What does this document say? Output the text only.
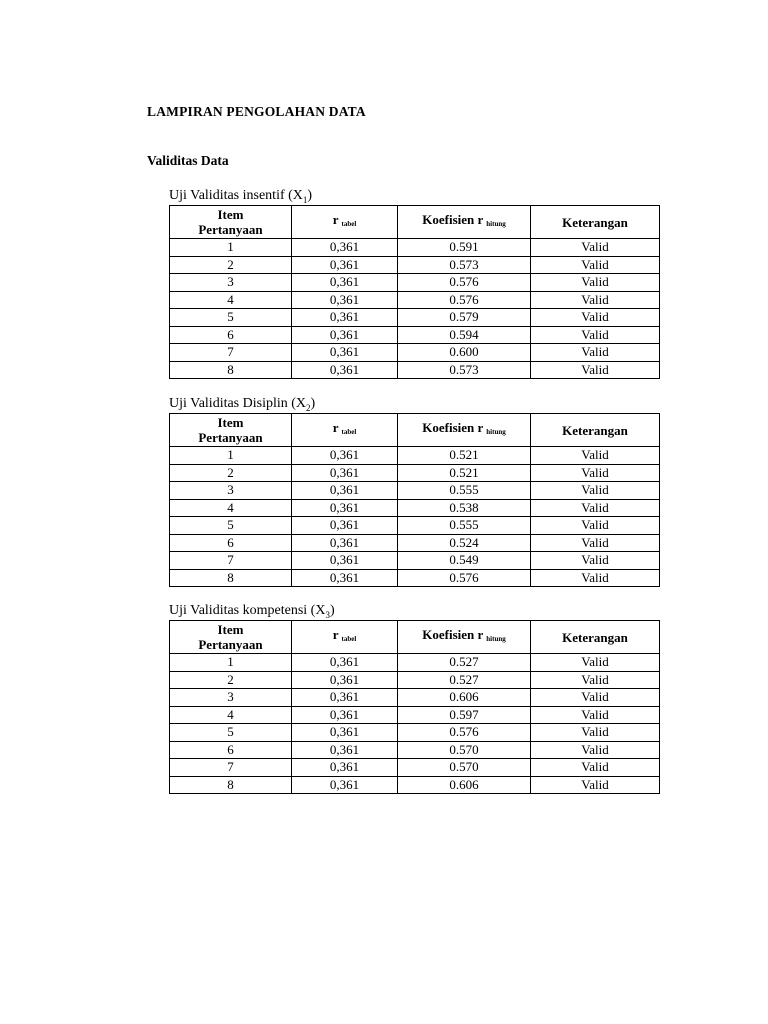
LAMPIRAN PENGOLAHAN DATA
Validitas Data
Uji Validitas insentif $(X_1)$
Item
Pertanyaan	r $_{tabel}$	Koefisien r $_{hitung}$	Keterangan
1	0,361	0.591	Valid
2	0,361	0.573	Valid
3	0,361	0.576	Valid
4	0,361	0.576	Valid
5	0,361	0.579	Valid
6	0,361	0.594	Valid
7	0,361	0.600	Valid
8	0,361	0.573	Valid
Uji Validitas Disiplin $(X_2)$
Item
Pertanyaan	r $_{tabel}$	Koefisien r $_{hitung}$	Keterangan
1	0,361	0.521	Valid
2	0,361	0.521	Valid
3	0,361	0.555	Valid
4	0,361	0.538	Valid
5	0,361	0.555	Valid
6	0,361	0.524	Valid
7	0,361	0.549	Valid
8	0,361	0.576	Valid
Uji Validitas kompetensi $(X_3)$
Item
Pertanyaan	r $_{tabel}$	Koefisien r $_{hitung}$	Keterangan
1	0,361	0.527	Valid
2	0,361	0.527	Valid
3	0,361	0.606	Valid
4	0,361	0.597	Valid
5	0,361	0.576	Valid
6	0,361	0.570	Valid
7	0,361	0.570	Valid
8	0,361	0.606	Valid
